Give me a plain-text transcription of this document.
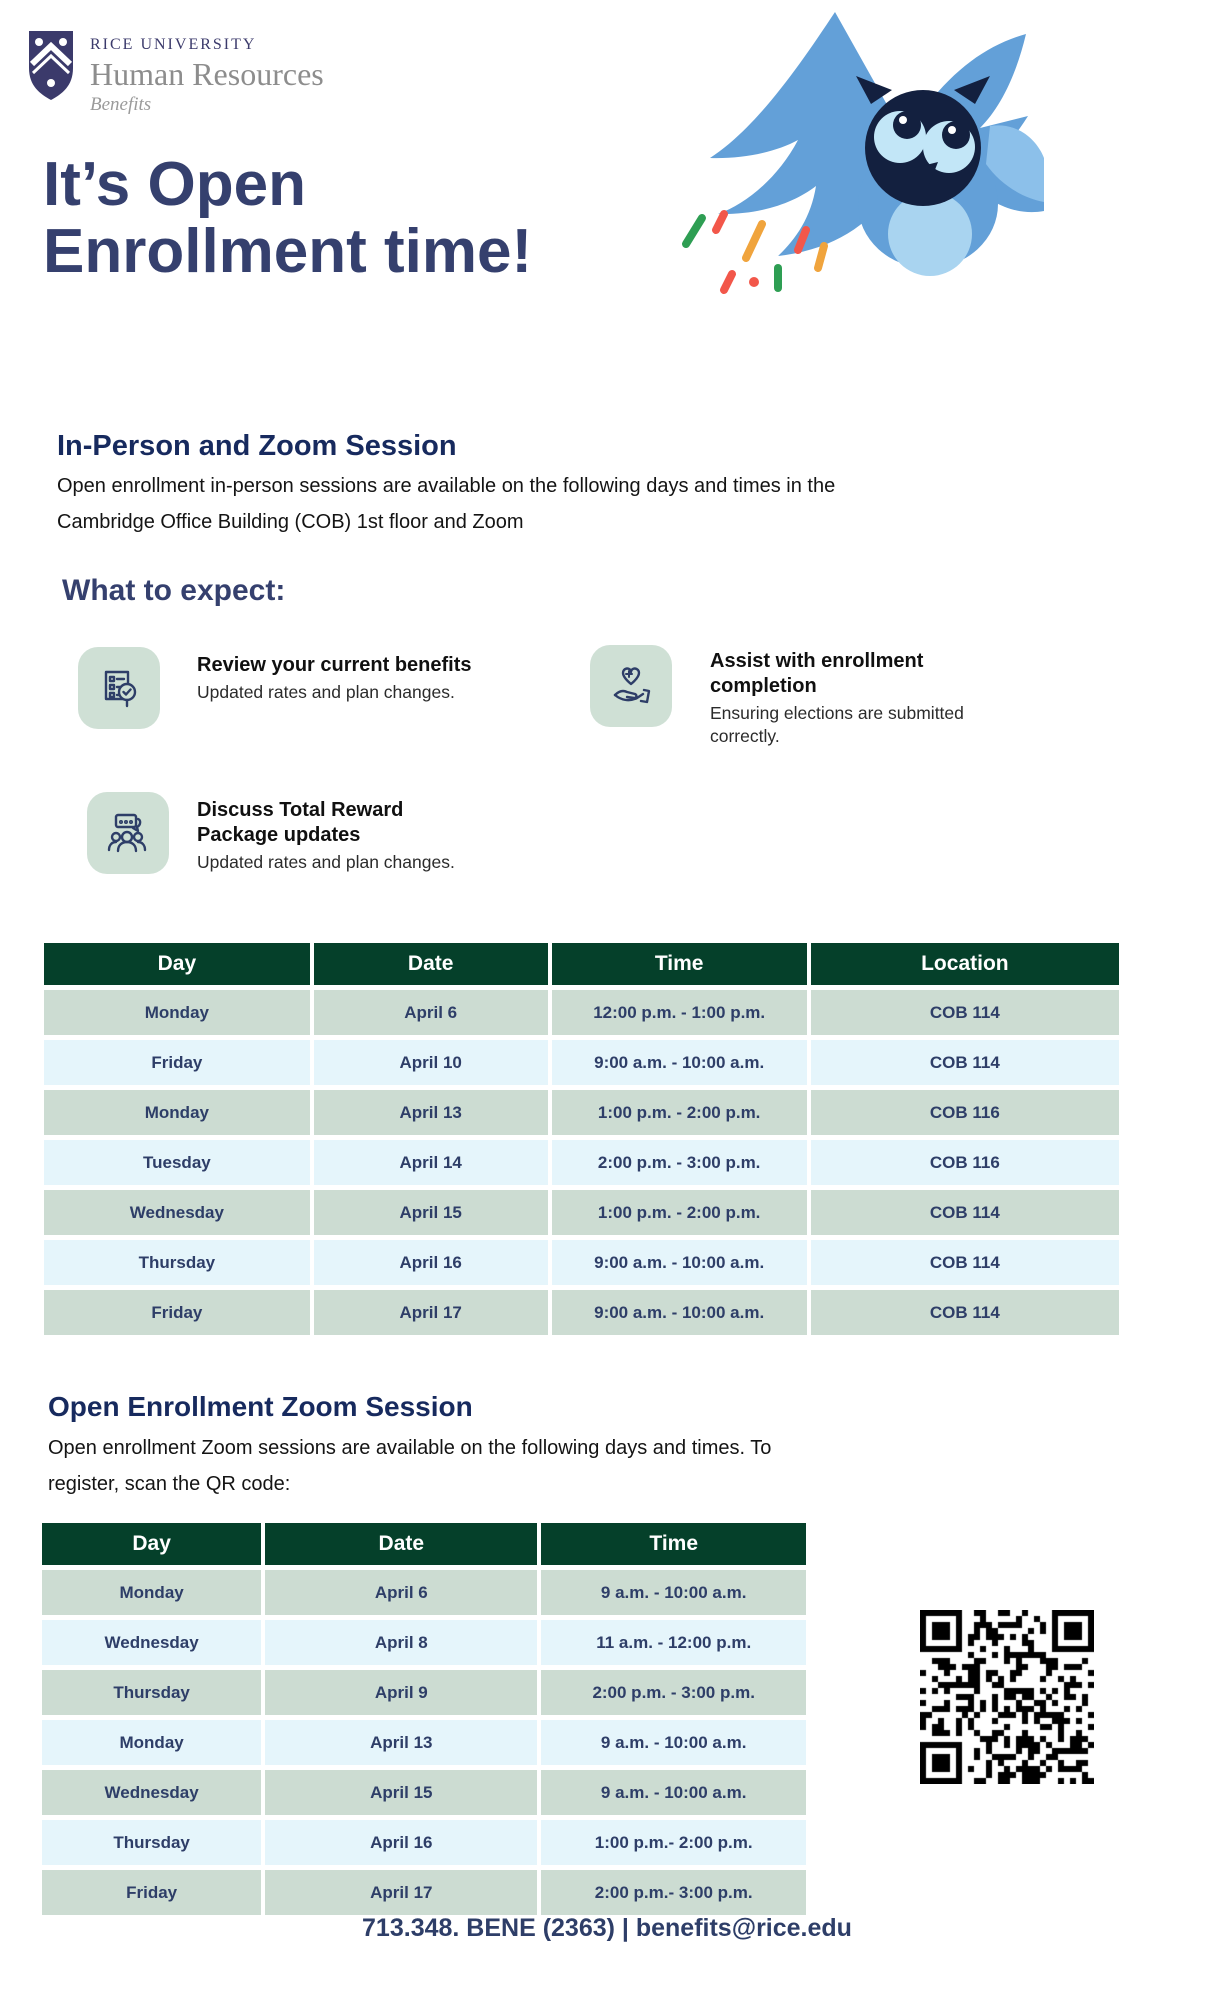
RICE UNIVERSITY
Human Resources
Benefits
It’s Open
Enrollment time!
In-Person and Zoom Session

Open enrollment in-person sessions are available on the following days and times in the Cambridge Office Building (COB) 1st floor and Zoom

What to expect:
Review your current benefits
Updated rates and plan changes.
Assist with enrollment completion
Ensuring elections are submitted correctly.
Discuss Total Reward Package updates
Updated rates and plan changes.
Day	Date	Time	Location
Monday	April 6	12:00 p.m. - 1:00 p.m.	COB 114
Friday	April 10	9:00 a.m. - 10:00 a.m.	COB 114
Monday	April 13	1:00 p.m. - 2:00 p.m.	COB 116
Tuesday	April 14	2:00 p.m. - 3:00 p.m.	COB 116
Wednesday	April 15	1:00 p.m. - 2:00 p.m.	COB 114
Thursday	April 16	9:00 a.m. - 10:00 a.m.	COB 114
Friday	April 17	9:00 a.m. - 10:00 a.m.	COB 114
Open Enrollment Zoom Session

Open enrollment Zoom sessions are available on the following days and times. To register, scan the QR code:

Day	Date	Time
Monday	April 6	9 a.m. - 10:00 a.m.
Wednesday	April 8	11 a.m. - 12:00 p.m.
Thursday	April 9	2:00 p.m. - 3:00 p.m.
Monday	April 13	9 a.m. - 10:00 a.m.
Wednesday	April 15	9 a.m. - 10:00 a.m.
Thursday	April 16	1:00 p.m.- 2:00 p.m.
Friday	April 17	2:00 p.m.- 3:00 p.m.
713.348. BENE (2363) | benefits@rice.edu
